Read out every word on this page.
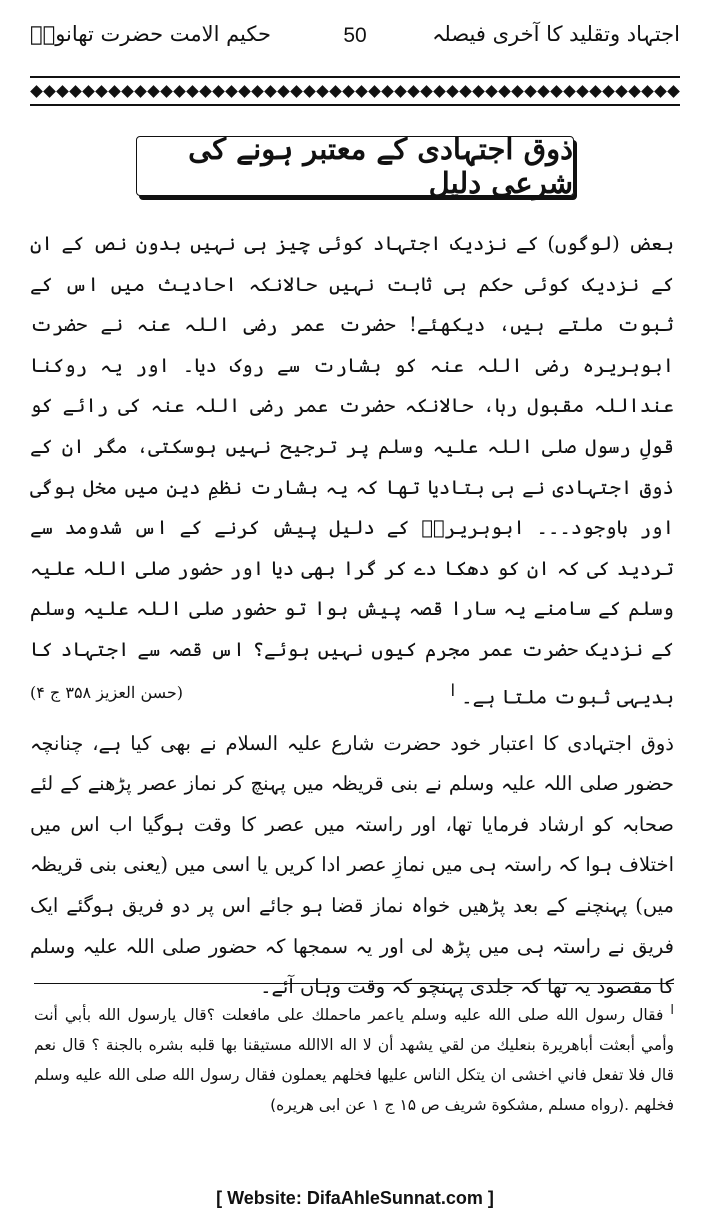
اجتہاد وتقلید کا آخری فیصلہ
50
حکیم الامت حضرت تھانویؒ
ذوق اجتہادی کے معتبر ہونے کی شرعی دلیل

بعض (لوگوں) کے نزدیک اجتہاد کوئی چیز ہی نہیں بدون نص کے ان کے نزدیک کوئی حکم ہی ثابت نہیں حالانکہ احادیث میں اس کے ثبوت ملتے ہیں، دیکھئے! حضرت عمر رضی اللہ عنہ نے حضرت ابوہریرہ رضی اللہ عنہ کو بشارت سے روک دیا۔ اور یہ روکنا عنداللہ مقبول رہا، حالانکہ حضرت عمر رضی اللہ عنہ کی رائے کو قولِ رسول صلی اللہ علیہ وسلم پر ترجیح نہیں ہوسکتی، مگر ان کے ذوق اجتہادی نے ہی بتادیا تھا کہ یہ بشارت نظمِ دین میں مخل ہوگی اور باوجود۔۔۔ ابوہریرہؓ کے دلیل پیش کرنے کے اس شدومد سے تردید کی کہ ان کو دھکا دے کر گرا بھی دیا اور حضور صلی اللہ علیہ وسلم کے سامنے یہ سارا قصہ پیش ہوا تو حضور صلی اللہ علیہ وسلم کے نزدیک حضرت عمر مجرم کیوں نہیں ہوئے؟ اس قصہ سے اجتہاد کا بدیہی ثبوت ملتا ہے۔ $^ا$
(حسن العزیز ۳۵۸ ج ۴)

ذوق اجتہادی کا اعتبار خود حضرت شارع علیہ السلام نے بھی کیا ہے، چنانچہ حضور صلی اللہ علیہ وسلم نے بنی قریظہ میں پہنچ کر نماز عصر پڑھنے کے لئے صحابہ کو ارشاد فرمایا تھا، اور راستہ میں عصر کا وقت ہوگیا اب اس میں اختلاف ہوا کہ راستہ ہی میں نمازِ عصر ادا کریں یا اسی میں (یعنی بنی قریظہ میں) پہنچنے کے بعد پڑھیں خواہ نماز قضا ہو جائے اس پر دو فریق ہوگئے ایک فریق نے راستہ ہی میں پڑھ لی اور یہ سمجھا کہ حضور صلی اللہ علیہ وسلم کا مقصود یہ تھا کہ جلدی پہنچو کہ وقت وہاں آئے۔

$^ا$ فقال رسول الله صلى الله عليه وسلم ياعمر ماحملك على مافعلت ؟قال يارسول الله بأبي أنت وأمي أبعثت أباهريرة بنعليك من لقي يشهد أن لا اله الاالله مستيقنا بها قلبه بشره بالجنة ؟ قال نعم قال فلا تفعل فاني اخشى ان يتكل الناس عليها فخلهم يعملون فقال رسول الله صلى الله عليه وسلم فخلهم .(رواه مسلم ,مشكوة شريف ص ۱۵ ج ۱ عن ابى هريره)
[ Website: DifaAhleSunnat.com ]
